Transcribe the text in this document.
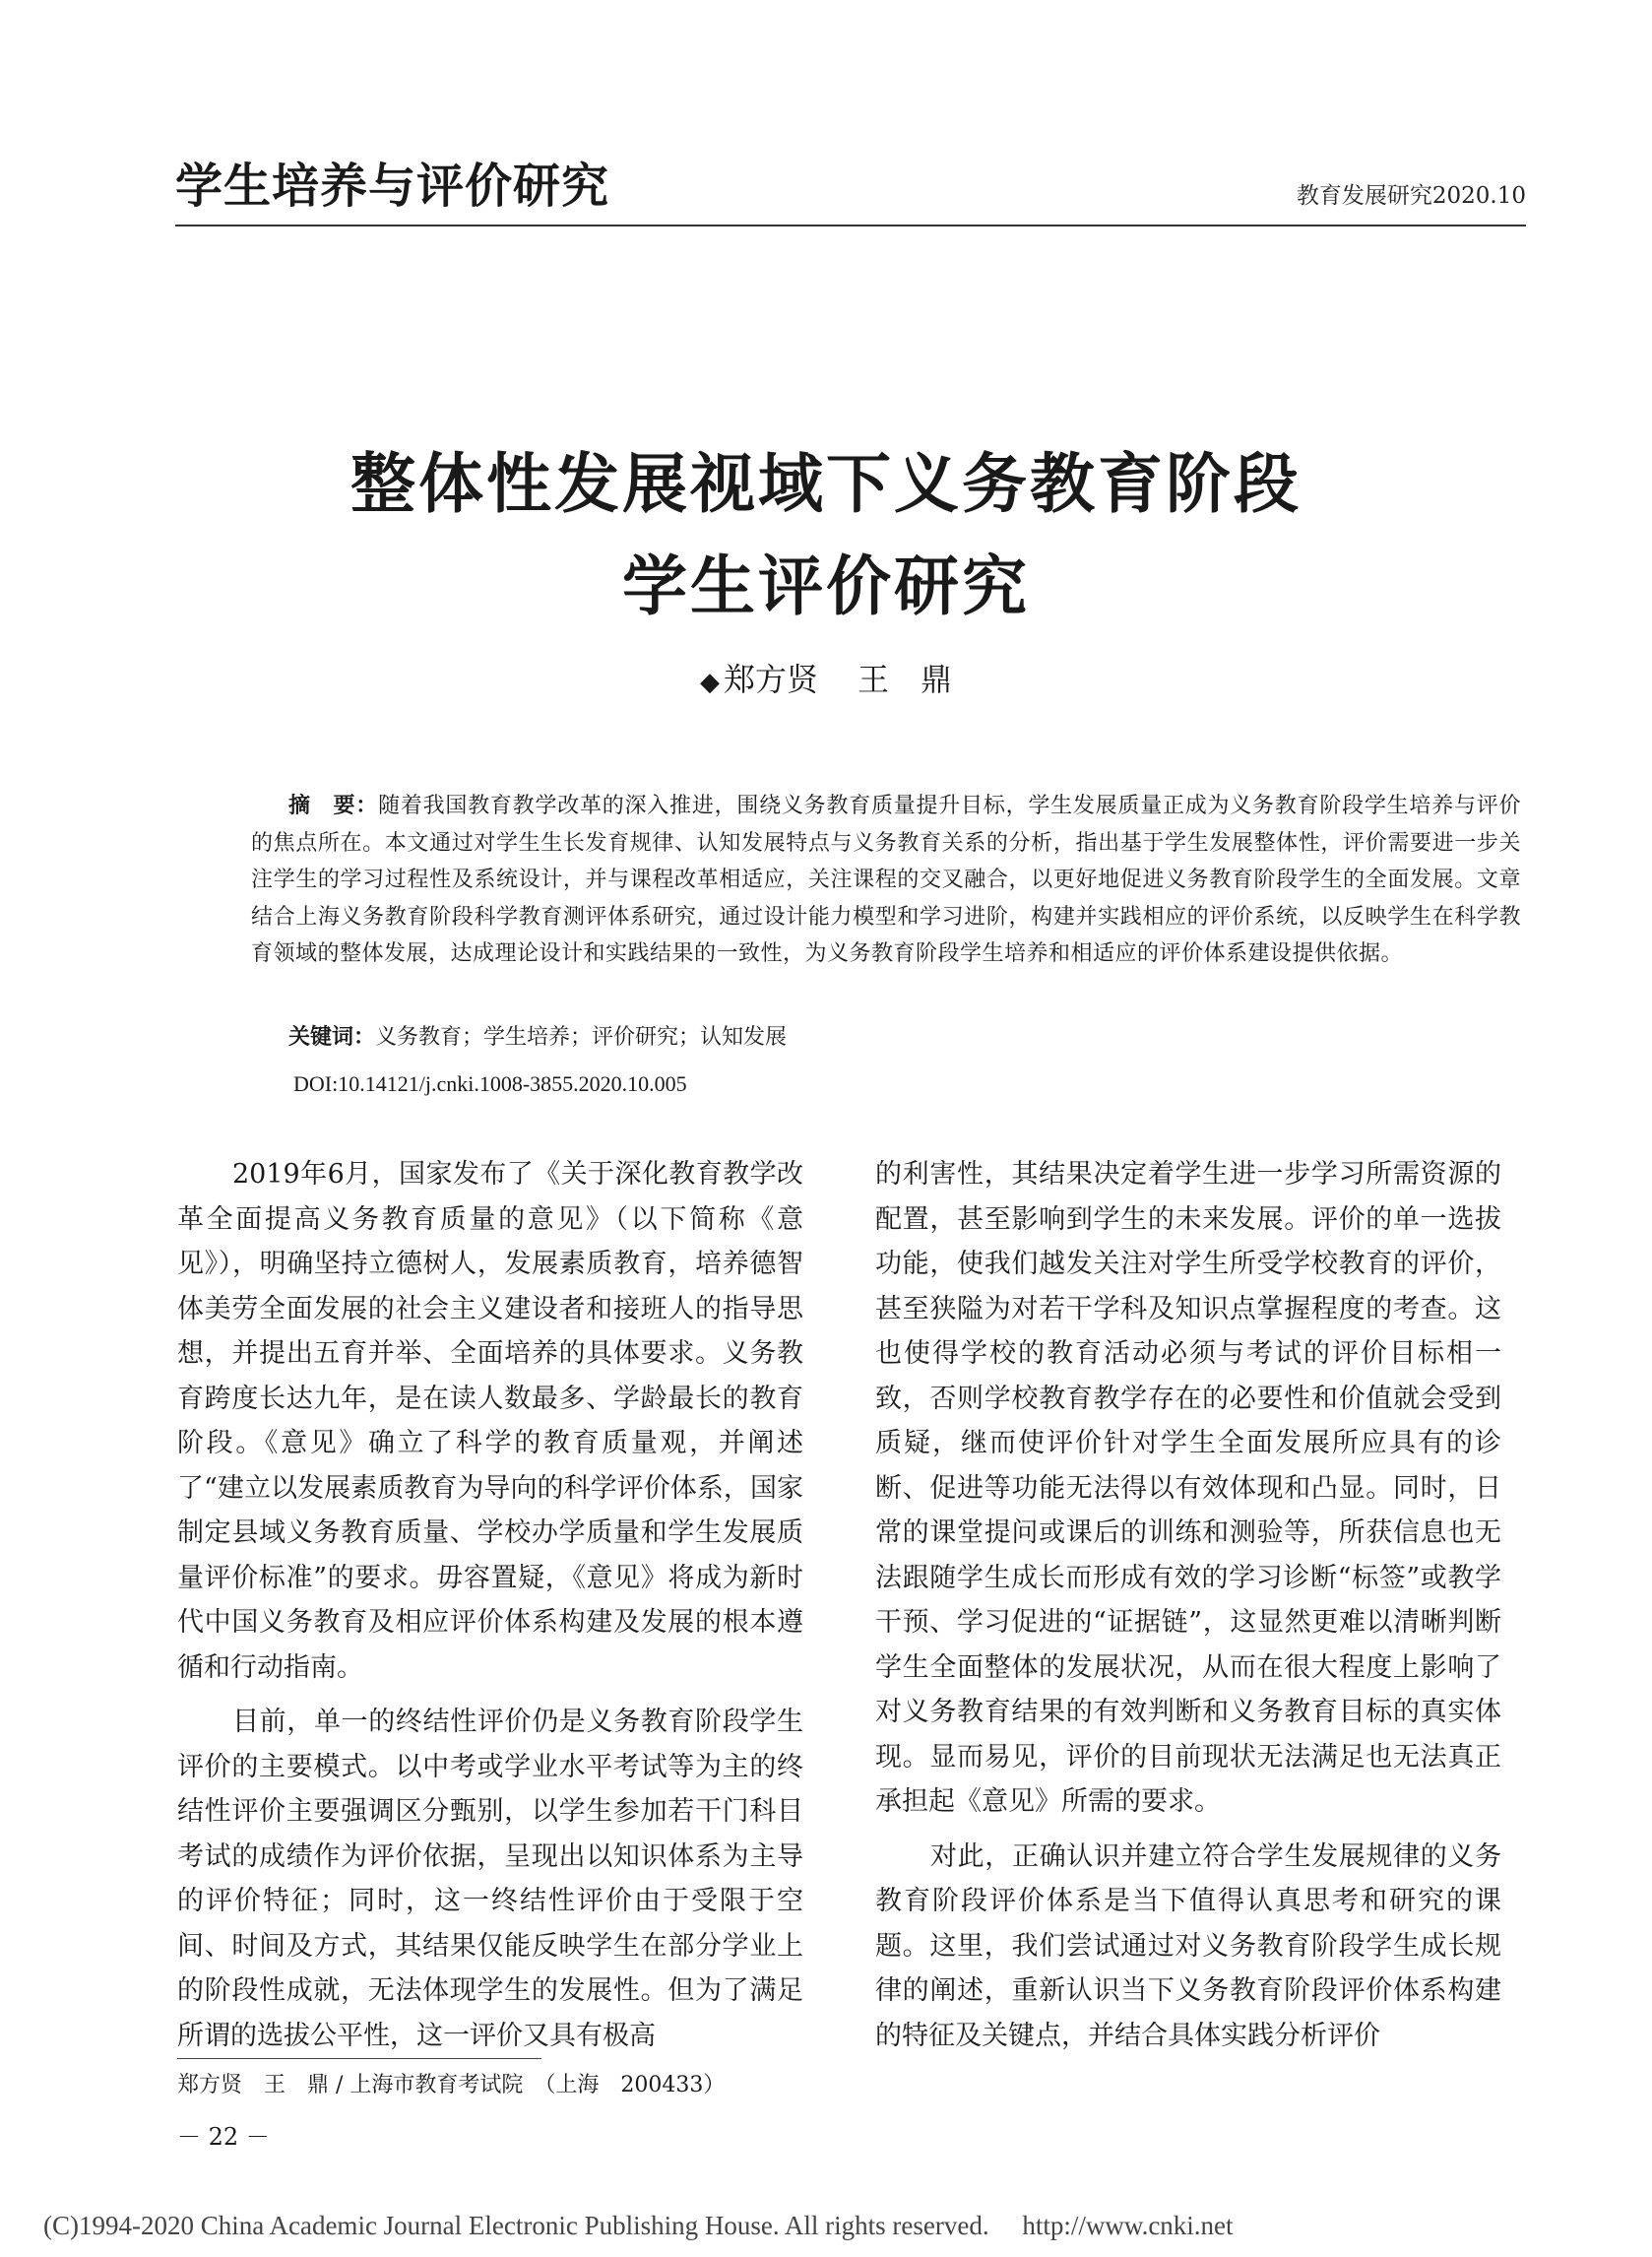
学生培养与评价研究	教育发展研究2020.10
整体性发展视域下义务教育阶段
学生评价研究
◆ 郑方贤 王　鼎

摘　要：随着我国教育教学改革的深入推进，围绕义务教育质量提升目标，学生发展质量正成为义务教育阶段学生培养与评价的焦点所在。本文通过对学生生长发育规律、认知发展特点与义务教育关系的分析，指出基于学生发展整体性，评价需要进一步关注学生的学习过程性及系统设计，并与课程改革相适应，关注课程的交叉融合，以更好地促进义务教育阶段学生的全面发展。文章结合上海义务教育阶段科学教育测评体系研究，通过设计能力模型和学习进阶，构建并实践相应的评价系统，以反映学生在科学教育领域的整体发展，达成理论设计和实践结果的一致性，为义务教育阶段学生培养和相适应的评价体系建设提供依据。

关键词：义务教育；学生培养；评价研究；认知发展
DOI:10.14121/j.cnki.1008-3855.2020.10.005

2019年6月，国家发布了《关于深化教育教学改革全面提高义务教育质量的意见》（以下简称《意见》），明确坚持立德树人，发展素质教育，培养德智体美劳全面发展的社会主义建设者和接班人的指导思想，并提出五育并举、全面培养的具体要求。义务教育跨度长达九年，是在读人数最多、学龄最长的教育阶段。《意见》确立了科学的教育质量观，并阐述了“建立以发展素质教育为导向的科学评价体系，国家制定县域义务教育质量、学校办学质量和学生发展质量评价标准”的要求。毋容置疑，《意见》将成为新时代中国义务教育及相应评价体系构建及发展的根本遵循和行动指南。

目前，单一的终结性评价仍是义务教育阶段学生评价的主要模式。以中考或学业水平考试等为主的终结性评价主要强调区分甄别，以学生参加若干门科目考试的成绩作为评价依据，呈现出以知识体系为主导的评价特征；同时，这一终结性评价由于受限于空间、时间及方式，其结果仅能反映学生在部分学业上的阶段性成就，无法体现学生的发展性。但为了满足所谓的选拔公平性，这一评价又具有极高

的利害性，其结果决定着学生进一步学习所需资源的配置，甚至影响到学生的未来发展。评价的单一选拔功能，使我们越发关注对学生所受学校教育的评价，甚至狭隘为对若干学科及知识点掌握程度的考查。这也使得学校的教育活动必须与考试的评价目标相一致，否则学校教育教学存在的必要性和价值就会受到质疑，继而使评价针对学生全面发展所应具有的诊断、促进等功能无法得以有效体现和凸显。同时，日常的课堂提问或课后的训练和测验等，所获信息也无法跟随学生成长而形成有效的学习诊断“标签”或教学干预、学习促进的“证据链”，这显然更难以清晰判断学生全面整体的发展状况，从而在很大程度上影响了对义务教育结果的有效判断和义务教育目标的真实体现。显而易见，评价的目前现状无法满足也无法真正承担起《意见》所需的要求。

对此，正确认识并建立符合学生发展规律的义务教育阶段评价体系是当下值得认真思考和研究的课题。这里，我们尝试通过对义务教育阶段学生成长规律的阐述，重新认识当下义务教育阶段评价体系构建的特征及关键点，并结合具体实践分析评价

郑方贤　王　鼎 / 上海市教育考试院　（上海　200433）
－ 22 －
(C)1994-2020 China Academic Journal Electronic Publishing House. All rights reserved.　 http://www.cnki.net
